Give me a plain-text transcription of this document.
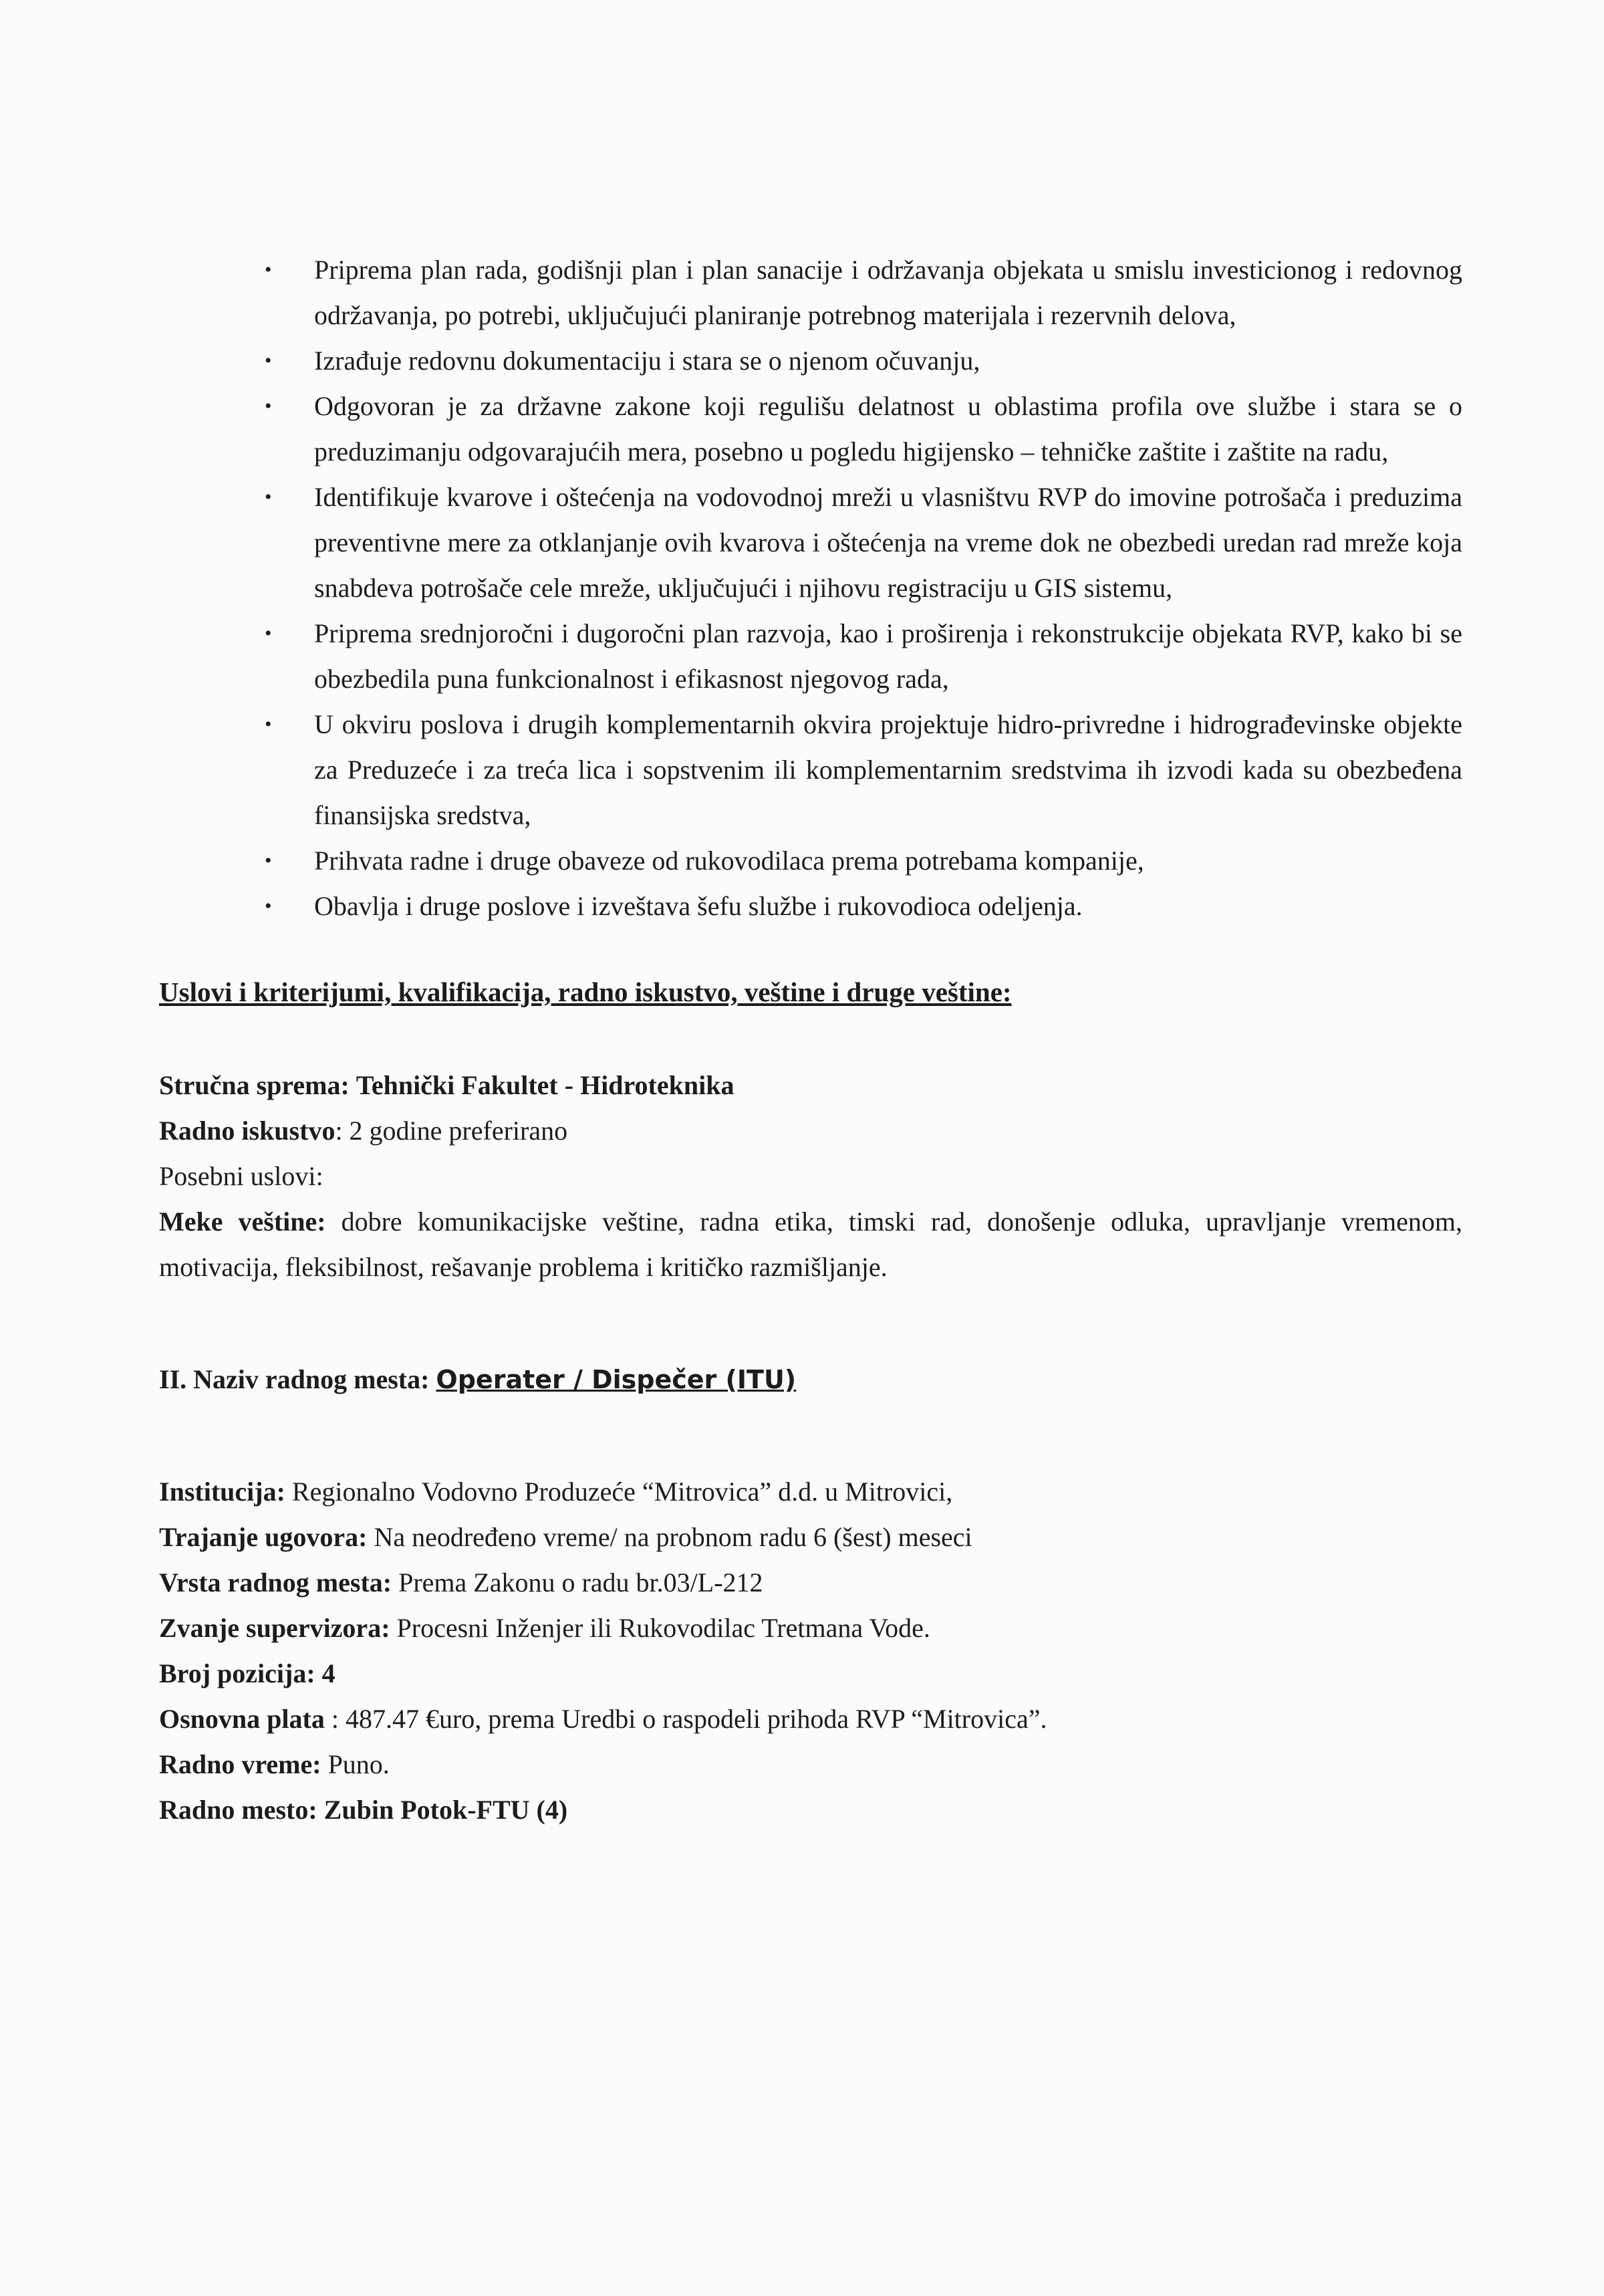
• Priprema plan rada, godišnji plan i plan sanacije i održavanja objekata u smislu investicionog i redovnog održavanja, po potrebi, uključujući planiranje potrebnog materijala i rezervnih delova,
• Izrađuje redovnu dokumentaciju i stara se o njenom očuvanju,
• Odgovoran je za državne zakone koji regulišu delatnost u oblastima profila ove službe i stara se o preduzimanju odgovarajućih mera, posebno u pogledu higijensko – tehničke zaštite i zaštite na radu,
• Identifikuje kvarove i oštećenja na vodovodnoj mreži u vlasništvu RVP do imovine potrošača i preduzima preventivne mere za otklanjanje ovih kvarova i oštećenja na vreme dok ne obezbedi uredan rad mreže koja snabdeva potrošače cele mreže, uključujući i njihovu registraciju u GIS sistemu,
• Priprema srednjoročni i dugoročni plan razvoja, kao i proširenja i rekonstrukcije objekata RVP, kako bi se obezbedila puna funkcionalnost i efikasnost njegovog rada,
• U okviru poslova i drugih komplementarnih okvira projektuje hidro-privredne i hidrograđevinske objekte za Preduzeće i za treća lica i sopstvenim ili komplementarnim sredstvima ih izvodi kada su obezbeđena finansijska sredstva,
• Prihvata radne i druge obaveze od rukovodilaca prema potrebama kompanije,
• Obavlja i druge poslove i izveštava šefu službe i rukovodioca odeljenja.
Uslovi i kriterijumi, kvalifikacija, radno iskustvo, veštine i druge veštine:
Stručna sprema: Tehnički Fakultet - Hidroteknika
Radno iskustvo: 2 godine preferirano
Posebni uslovi:
Meke veštine: dobre komunikacijske veštine, radna etika, timski rad, donošenje odluka, upravljanje vremenom, motivacija, fleksibilnost, rešavanje problema i kritičko razmišljanje.
II. Naziv radnog mesta: Operater / Dispečer (ITU)
Institucija: Regionalno Vodovno Produzeće “Mitrovica” d.d. u Mitrovici,
Trajanje ugovora: Na neodređeno vreme/ na probnom radu 6 (šest) meseci
Vrsta radnog mesta: Prema Zakonu o radu br.03/L-212
Zvanje supervizora: Procesni Inženjer ili Rukovodilac Tretmana Vode.
Broj pozicija: 4
Osnovna plata : 487.47 €uro, prema Uredbi o raspodeli prihoda RVP “Mitrovica”.
Radno vreme: Puno.
Radno mesto: Zubin Potok-FTU (4)
